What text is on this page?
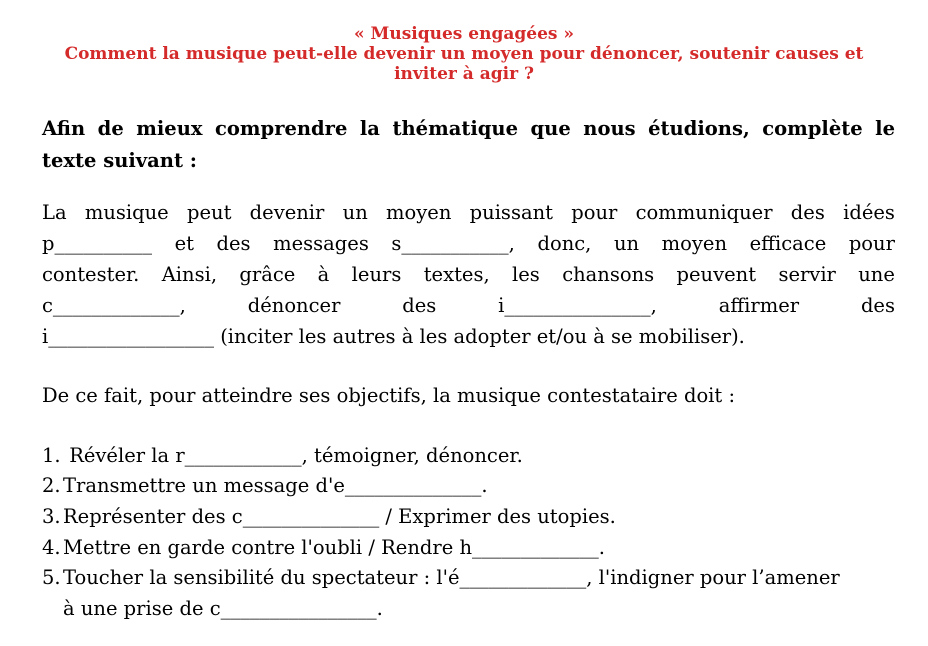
« Musiques engagées »
Comment la musique peut-elle devenir un moyen pour dénoncer, soutenir causes et
inviter à agir ?
Afin de mieux comprendre la thématique que nous étudions, complète le texte suivant :
La musique peut devenir un moyen puissant pour communiquer des idées
p__________ et des messages s___________, donc, un moyen efficace pour
contester. Ainsi, grâce à leurs textes, les chansons peuvent servir une
c_____________,	dénoncer	des	i_______________,	affirmer	des
i_________________ (inciter les autres à les adopter et/ou à se mobiliser).
De ce fait, pour atteindre ses objectifs, la musique contestataire doit :
1. Révéler la r____________, témoigner, dénoncer.
2. Transmettre un message d'e______________.
3. Représenter des c______________ / Exprimer des utopies.
4. Mettre en garde contre l'oubli / Rendre h_____________.
5. Toucher la sensibilité du spectateur : l'é_____________, l'indigner pour l’amener
à une prise de c________________.
